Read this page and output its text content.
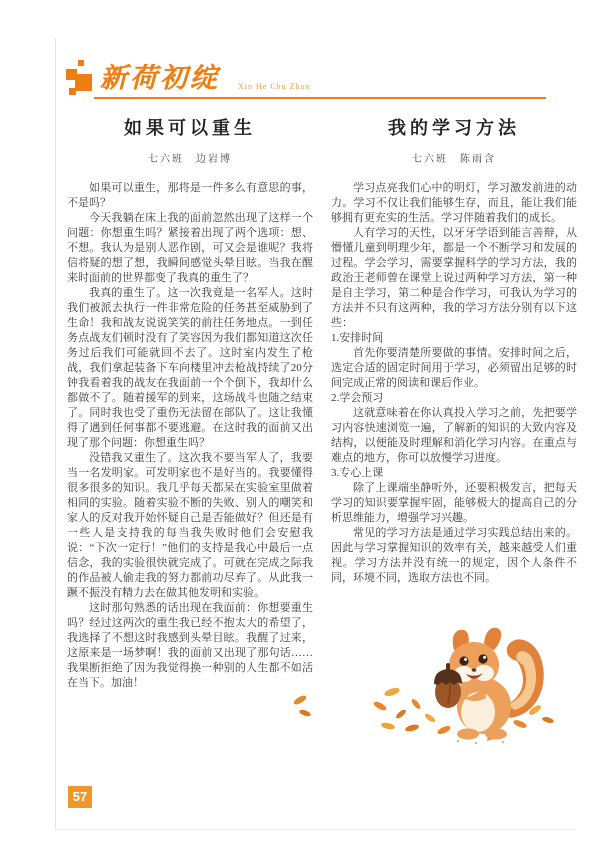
新荷初绽 Xin He Chu Zhan
如果可以重生
七六班　边岩博

如果可以重生，那将是一件多么有意思的事，不是吗？

今天我躺在床上我的面前忽然出现了这样一个问题：你想重生吗？紧接着出现了两个选项：想、不想。我认为是别人恶作剧，可又会是谁呢？我将信将疑的想了想，我瞬间感觉头晕目眩。当我在醒来时面前的世界都变了我真的重生了？

我真的重生了。这一次我竟是一名军人。这时我们被派去执行一件非常危险的任务甚至威胁到了生命！我和战友说说笑笑的前往任务地点。一到任务点战友们顿时没有了笑容因为我们都知道这次任务过后我们可能就回不去了。这时室内发生了枪战，我们拿起装备下车向楼里冲去枪战持续了20分钟我看着我的战友在我面前一个个倒下，我却什么都做不了。随着援军的到来，这场战斗也随之结束了。同时我也受了重伤无法留在部队了。这让我懂得了遇到任何事都不要逃避。在这时我的面前又出现了那个问题：你想重生吗？

没错我又重生了。这次我不要当军人了，我要当一名发明家。可发明家也不是好当的。我要懂得很多很多的知识。我几乎每天都呆在实验室里做着相同的实验。随着实验不断的失败、别人的嘲笑和家人的反对我开始怀疑自己是否能做好？但还是有一些人是支持我的每当我失败时他们会安慰我说：“下次一定行！”他们的支持是我心中最后一点信念，我的实验很快就完成了。可就在完成之际我的作品被人偷走我的努力都前功尽弃了。从此我一蹶不振没有精力去在做其他发明和实验。

这时那句熟悉的话出现在我面前：你想要重生吗？经过这两次的重生我已经不抱太大的希望了，我选择了不想这时我感到头晕目眩。我醒了过来，这原来是一场梦啊！我的面前又出现了那句话……我果断拒绝了因为我觉得换一种别的人生都不如活在当下。加油！

我的学习方法
七六班　陈雨含

学习点亮我们心中的明灯，学习激发前进的动力。学习不仅让我们能够生存，而且，能让我们能够拥有更充实的生活。学习伴随着我们的成长。

人有学习的天性，以牙牙学语到能言善辩，从懵懂儿童到明理少年，都是一个不断学习和发展的过程。学会学习，需要掌握科学的学习方法，我的政治王老师曾在课堂上说过两种学习方法，第一种是自主学习，第二种是合作学习，可我认为学习的方法并不只有这两种，我的学习方法分别有以下这些：

1.安排时间

首先你要清楚所要做的事情。安排时间之后，选定合适的固定时间用于学习，必须留出足够的时间完成正常的阅读和课后作业。

2.学会预习

这就意味着在你认真投入学习之前，先把要学习内容快速浏览一遍，了解新的知识的大致内容及结构，以便能及时理解和消化学习内容。在重点与难点的地方，你可以放慢学习进度。

3.专心上课

除了上课端坐静听外，还要积极发言，把每天学习的知识要掌握牢固，能够极大的提高自己的分析思维能力，增强学习兴趣。

常见的学习方法是通过学习实践总结出来的。因此与学习掌握知识的效率有关，越来越受人们重视。学习方法并没有统一的规定，因个人条件不同，环境不同，选取方法也不同。

57
